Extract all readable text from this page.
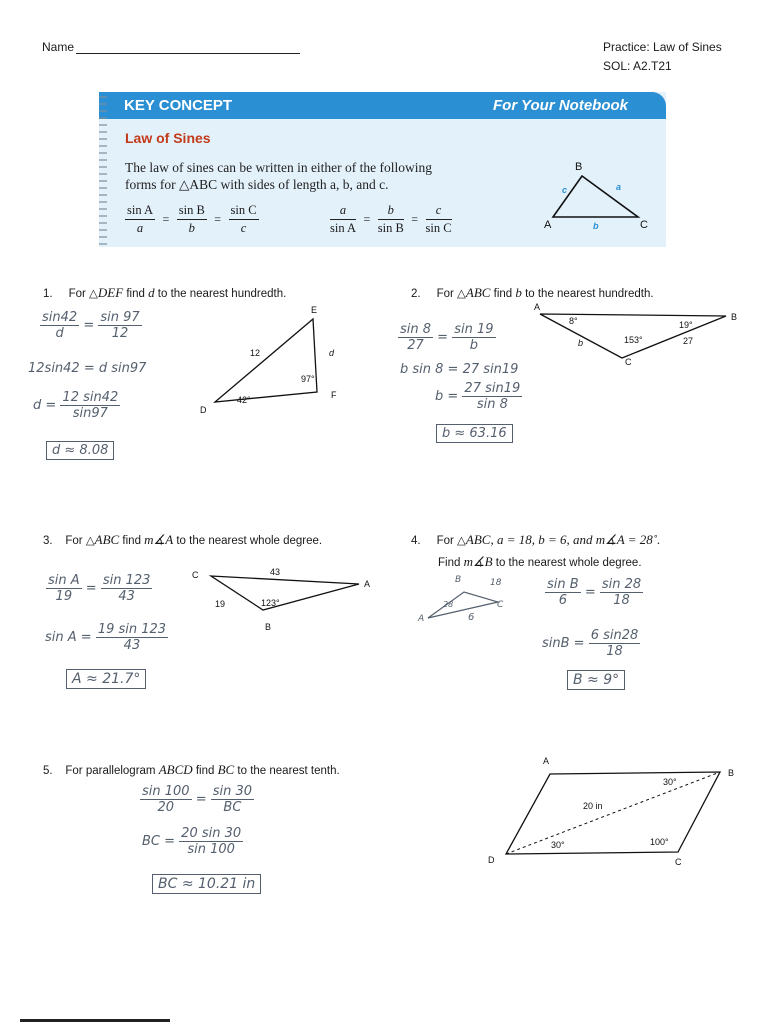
Name	Practice: Law of Sines
SOL: A2.T21
KEY CONCEPT	For Your Notebook
Law of Sines
The law of sines can be written in either of the following
forms for △ABC with sides of length a, b, and c.
$\frac{\text{sin A}}{a} = \frac{\text{sin B}}{b} = \frac{\text{sin C}}{c}$	$\frac{a}{\text{sin A}} = \frac{b}{\text{sin B}} = \frac{c}{\text{sin C}}$
B
A	C
c	a
b
1. For △DEF find d to the nearest hundredth.
E
D
F
12	d
97°
42°
$\frac{\sin 42}{d} = \frac{\sin 97}{12}$
12sin42 = d sin97
$d = \frac{12 \sin 42}{\sin 97}$
d ≈ 8.08
2. For △ABC find b to the nearest hundredth.
A
B
C
b
8°	19°
153°	27
$\frac{\sin 8}{27} = \frac{\sin 19}{b}$
b sin 8 = 27 sin19
$b = \frac{27 \sin 19}{\sin 8}$
b ≈ 63.16
3. For △ABC find m∡A to the nearest whole degree.
C
A
B
43
19	123°
$\frac{\text{sin A}}{19} = \frac{\sin 123}{43}$
$\sin A = \frac{19 \sin 123}{43}$
A ≈ 21.7°
4. For △ABC, a = 18, b = 6, and m∡A = 28˚.
Find m∡B to the nearest whole degree.
B
A
C
18
6
28	$\frac{\text{sin B}}{6} = \frac{\sin 28}{18}$
$\sin B = \frac{6 \sin 28}{18}$
B ≈ 9°
5. For parallelogram ABCD find BC to the nearest tenth.
A
B
C
D
30°
20 in
30°	100°
$\frac{\sin 100}{20} = \frac{\sin 30}{BC}$
BC = $\frac{20 \sin 30}{\sin 100}$
BC ≈ 10.21 in
